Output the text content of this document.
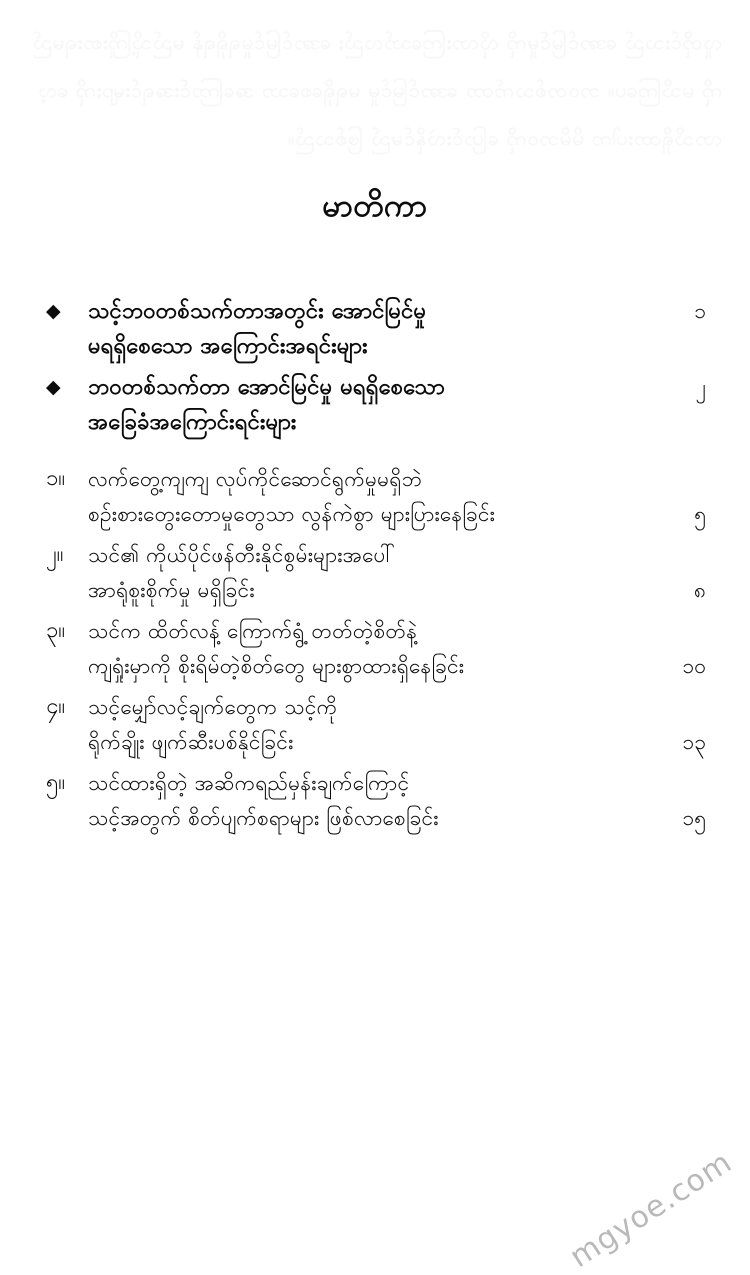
လူတိုင်းသည် အောင်မြင်မှုကို လိုလားကြသော်လည်း အောင်မြင်မှုရရှိရန် မည်သို့ကြိုးစားရမည်ကို မသိကြပေ။ ဘဝတစ်သက်တာ အောင်မြင်မှု မရရှိစေသော အကြောင်းအရင်းများကို လေ့လာသိရှိထားပါက မိမိဘဝကို ပြောင်းလဲနိုင်မည် ဖြစ်သည်။
မာတိကာ
◆	သင့်ဘဝတစ်သက်တာအတွင်း အောင်မြင်မှု	၁
မရရှိစေသော အကြောင်းအရင်းများ
◆	ဘဝတစ်သက်တာ အောင်မြင်မှု မရရှိစေသော	၂
အခြေခံအကြောင်းရင်းများ
၁။	လက်တွေ့ကျကျ လုပ်ကိုင်ဆောင်ရွက်မှုမရှိဘဲ
စဉ်းစားတွေးတောမှုတွေသာ လွန်ကဲစွာ များပြားနေခြင်း	၅
၂။	သင်၏ ကိုယ်ပိုင်ဖန်တီးနိုင်စွမ်းများအပေါ်
အာရုံစူးစိုက်မှု မရှိခြင်း	၈
၃။	သင်က ထိတ်လန့် ကြောက်ရွံ့ တတ်တဲ့စိတ်နဲ့
ကျရှုံးမှာကို စိုးရိမ်တဲ့စိတ်တွေ များစွာထားရှိနေခြင်း	၁၀
၄။	သင့်မျှော်လင့်ချက်တွေက သင့်ကို
ရိုက်ချိုး ဖျက်ဆီးပစ်နိုင်ခြင်း	၁၃
၅။	သင်ထားရှိတဲ့ အဆိကရည်မှန်းချက်ကြောင့်
သင့်အတွက် စိတ်ပျက်စရာများ ဖြစ်လာစေခြင်း	၁၅
mgyoe.com
